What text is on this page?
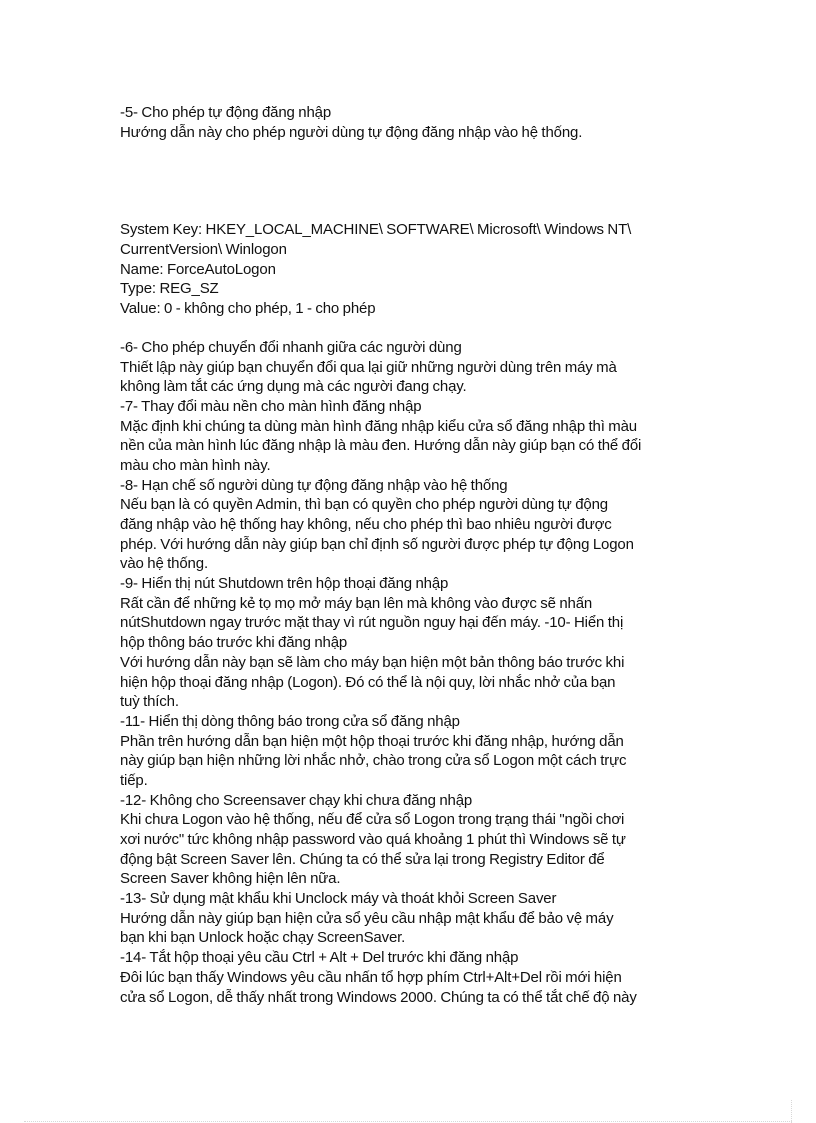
-5- Cho phép tự động đăng nhập
Hướng dẫn này cho phép người dùng tự động đăng nhập vào hệ thống.
System Key: HKEY_LOCAL_MACHINE\ SOFTWARE\ Microsoft\ Windows NT\
CurrentVersion\ Winlogon
Name: ForceAutoLogon
Type: REG_SZ
Value: 0 - không cho phép, 1 - cho phép
-6- Cho phép chuyển đổi nhanh giữa các người dùng
Thiết lập này giúp bạn chuyển đổi qua lại giữ những người dùng trên máy mà
không làm tắt các ứng dụng mà các người đang chạy.
-7- Thay đổi màu nền cho màn hình đăng nhập
Mặc định khi chúng ta dùng màn hình đăng nhập kiểu cửa sổ đăng nhập thì màu
nền của màn hình lúc đăng nhập là màu đen. Hướng dẫn này giúp bạn có thể đổi
màu cho màn hình này.
-8- Hạn chế số người dùng tự động đăng nhập vào hệ thống
Nếu bạn là có quyền Admin, thì bạn có quyền cho phép người dùng tự động
đăng nhập vào hệ thống hay không, nếu cho phép thì bao nhiêu người được
phép. Với hướng dẫn này giúp bạn chỉ định số người được phép tự động Logon
vào hệ thống.
-9- Hiển thị nút Shutdown trên hộp thoại đăng nhập
Rất cần để những kẻ tọ mọ mở máy bạn lên mà không vào được sẽ nhấn
nútShutdown ngay trước mặt thay vì rút nguồn nguy hại đến máy. -10- Hiển thị
hộp thông báo trước khi đăng nhập
Với hướng dẫn này bạn sẽ làm cho máy bạn hiện một bản thông báo trước khi
hiện hộp thoại đăng nhập (Logon). Đó có thể là nội quy, lời nhắc nhở của bạn
tuỳ thích.
-11- Hiển thị dòng thông báo trong cửa sổ đăng nhập
Phần trên hướng dẫn bạn hiện một hộp thoại trước khi đăng nhập, hướng dẫn
này giúp bạn hiện những lời nhắc nhở, chào trong cửa sổ Logon một cách trực
tiếp.
-12- Không cho Screensaver chạy khi chưa đăng nhập
Khi chưa Logon vào hệ thống, nếu để cửa sổ Logon trong trạng thái "ngồi chơi
xơi nước" tức không nhập password vào quá khoảng 1 phút thì Windows sẽ tự
động bật Screen Saver lên. Chúng ta có thể sửa lại trong Registry Editor để
Screen Saver không hiện lên nữa.
-13- Sử dụng mật khẩu khi Unclock máy và thoát khỏi Screen Saver
Hướng dẫn này giúp bạn hiện cửa sổ yêu cầu nhập mật khẩu để bảo vệ máy
bạn khi bạn Unlock hoặc chạy ScreenSaver.
-14- Tắt hộp thoại yêu cầu Ctrl + Alt + Del trước khi đăng nhập
Đôi lúc bạn thấy Windows yêu cầu nhấn tổ hợp phím Ctrl+Alt+Del rồi mới hiện
cửa sổ Logon, dễ thấy nhất trong Windows 2000. Chúng ta có thể tắt chế độ này
